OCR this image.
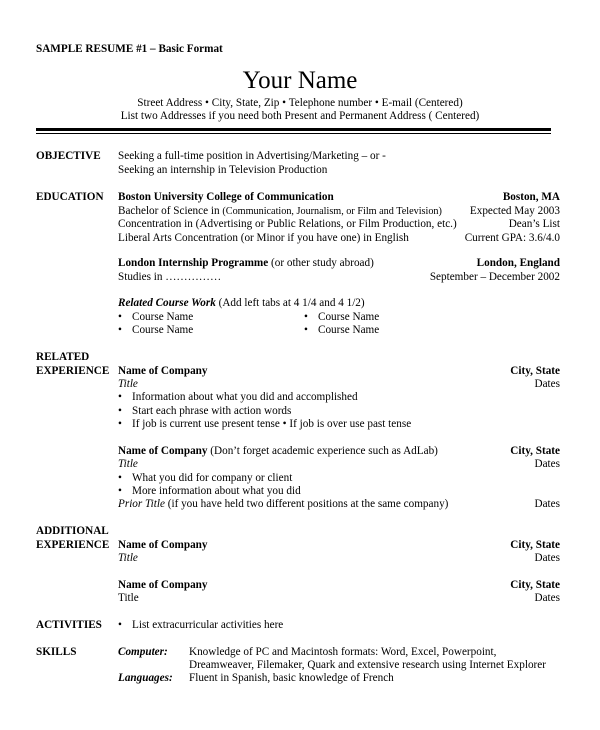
SAMPLE RESUME #1 – Basic Format
Your Name
Street Address • City, State, Zip • Telephone number • E-mail (Centered)
List two Addresses if you need both Present and Permanent Address ( Centered)
OBJECTIVE Seeking a full-time position in Advertising/Marketing – or -
Seeking an internship in Television Production
EDUCATION Boston University College of Communication	Boston, MA
Bachelor of Science in (Communication, Journalism, or Film and Television) Expected May 2003
Concentration in (Advertising or Public Relations, or Film Production, etc.)	Dean’s List
Liberal Arts Concentration (or Minor if you have one) in English	Current GPA: 3.6/4.0
London Internship Programme (or other study abroad)	London, England
Studies in ……………	September – December 2002
Related Course Work (Add left tabs at 4 1/4 and 4 1/2)
• Course Name	• Course Name
• Course Name	• Course Name
RELATED
EXPERIENCE Name of Company	City, State
Title	Dates
• Information about what you did and accomplished
• Start each phrase with action words
• If job is current use present tense • If job is over use past tense
Name of Company (Don’t forget academic experience such as AdLab)	City, State
Title	Dates
• What you did for company or client
• More information about what you did
Prior Title (if you have held two different positions at the same company)	Dates
ADDITIONAL
EXPERIENCE Name of Company	City, State
Title	Dates
Name of Company	City, State
Title	Dates
ACTIVITIES	• List extracurricular activities here
SKILLS	Computer: Knowledge of PC and Macintosh formats: Word, Excel, Powerpoint,
Dreamweaver, Filemaker, Quark and extensive research using Internet Explorer
Languages: Fluent in Spanish, basic knowledge of French
